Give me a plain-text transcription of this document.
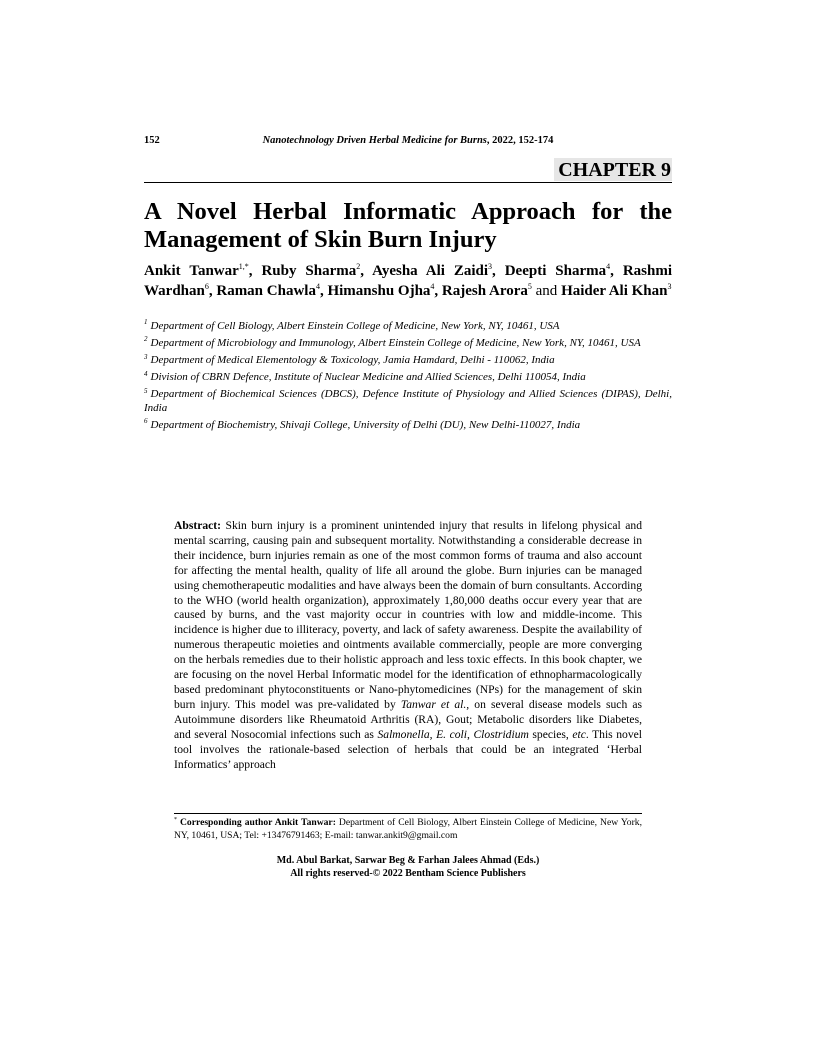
152	Nanotechnology Driven Herbal Medicine for Burns, 2022, 152-174
CHAPTER 9
A Novel Herbal Informatic Approach for the Management of Skin Burn Injury
Ankit Tanwar$^{1,*}$, Ruby Sharma$^2$, Ayesha Ali Zaidi$^3$, Deepti Sharma$^4$, Rashmi Wardhan$^6$, Raman Chawla$^4$, Himanshu Ojha$^4$, Rajesh Arora$^5$ and Haider Ali Khan$^3$

$^1$ Department of Cell Biology, Albert Einstein College of Medicine, New York, NY, 10461, USA

$^2$ Department of Microbiology and Immunology, Albert Einstein College of Medicine, New York, NY, 10461, USA

$^3$ Department of Medical Elementology & Toxicology, Jamia Hamdard, Delhi - 110062, India

$^4$ Division of CBRN Defence, Institute of Nuclear Medicine and Allied Sciences, Delhi 110054, India

$^5$ Department of Biochemical Sciences (DBCS), Defence Institute of Physiology and Allied Sciences (DIPAS), Delhi, India

$^6$ Department of Biochemistry, Shivaji College, University of Delhi (DU), New Delhi-110027, India

Abstract: Skin burn injury is a prominent unintended injury that results in lifelong physical and mental scarring, causing pain and subsequent mortality. Notwithstanding a considerable decrease in their incidence, burn injuries remain as one of the most common forms of trauma and also account for affecting the mental health, quality of life all around the globe. Burn injuries can be managed using chemotherapeutic modalities and have always been the domain of burn consultants. According to the WHO (world health organization), approximately 1,80,000 deaths occur every year that are caused by burns, and the vast majority occur in countries with low and middle-income. This incidence is higher due to illiteracy, poverty, and lack of safety awareness. Despite the availability of numerous therapeutic moieties and ointments available commercially, people are more converging on the herbals remedies due to their holistic approach and less toxic effects. In this book chapter, we are focusing on the novel Herbal Informatic model for the identification of ethnopharmacologically based predominant phytoconstituents or Nano-phytomedicines (NPs) for the management of skin burn injury. This model was pre-validated by Tanwar et al., on several disease models such as Autoimmune disorders like Rheumatoid Arthritis (RA), Gout; Metabolic disorders like Diabetes, and several Nosocomial infections such as Salmonella, E. coli, Clostridium species, etc. This novel tool involves the rationale-based selection of herbals that could be an integrated ‘Herbal Informatics’ approach

* Corresponding author Ankit Tanwar: Department of Cell Biology, Albert Einstein College of Medicine, New York, NY, 10461, USA; Tel: +13476791463; E-mail: tanwar.ankit9@gmail.com

Md. Abul Barkat, Sarwar Beg & Farhan Jalees Ahmad (Eds.)
All rights reserved-© 2022 Bentham Science Publishers
